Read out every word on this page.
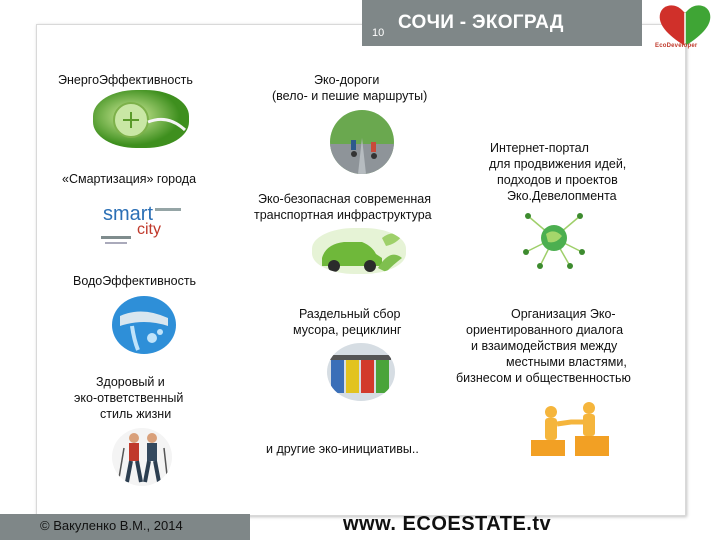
10 СОЧИ - ЭКОГРАД
EcoDeveloper
ЭнергоЭффективность	Эко-дороги
(вело- и пешие маршруты)
«Смартизация» города
smart
city
Интернет-портал
для продвижения идей,
подходов и проектов
Эко.Девелопмента
Эко-безопасная современная
транспортная инфраструктура
ВодоЭффективность
Раздельный сбор
мусора, рециклинг
Организация Эко-
ориентированного диалога
и взаимодействия между
местными властями,
бизнесом и общественностью
Здоровый и
эко-ответственный
стиль жизни
и другие эко-инициативы..
© Вакуленко В.М., 2014	www. ECOESTATE.tv
